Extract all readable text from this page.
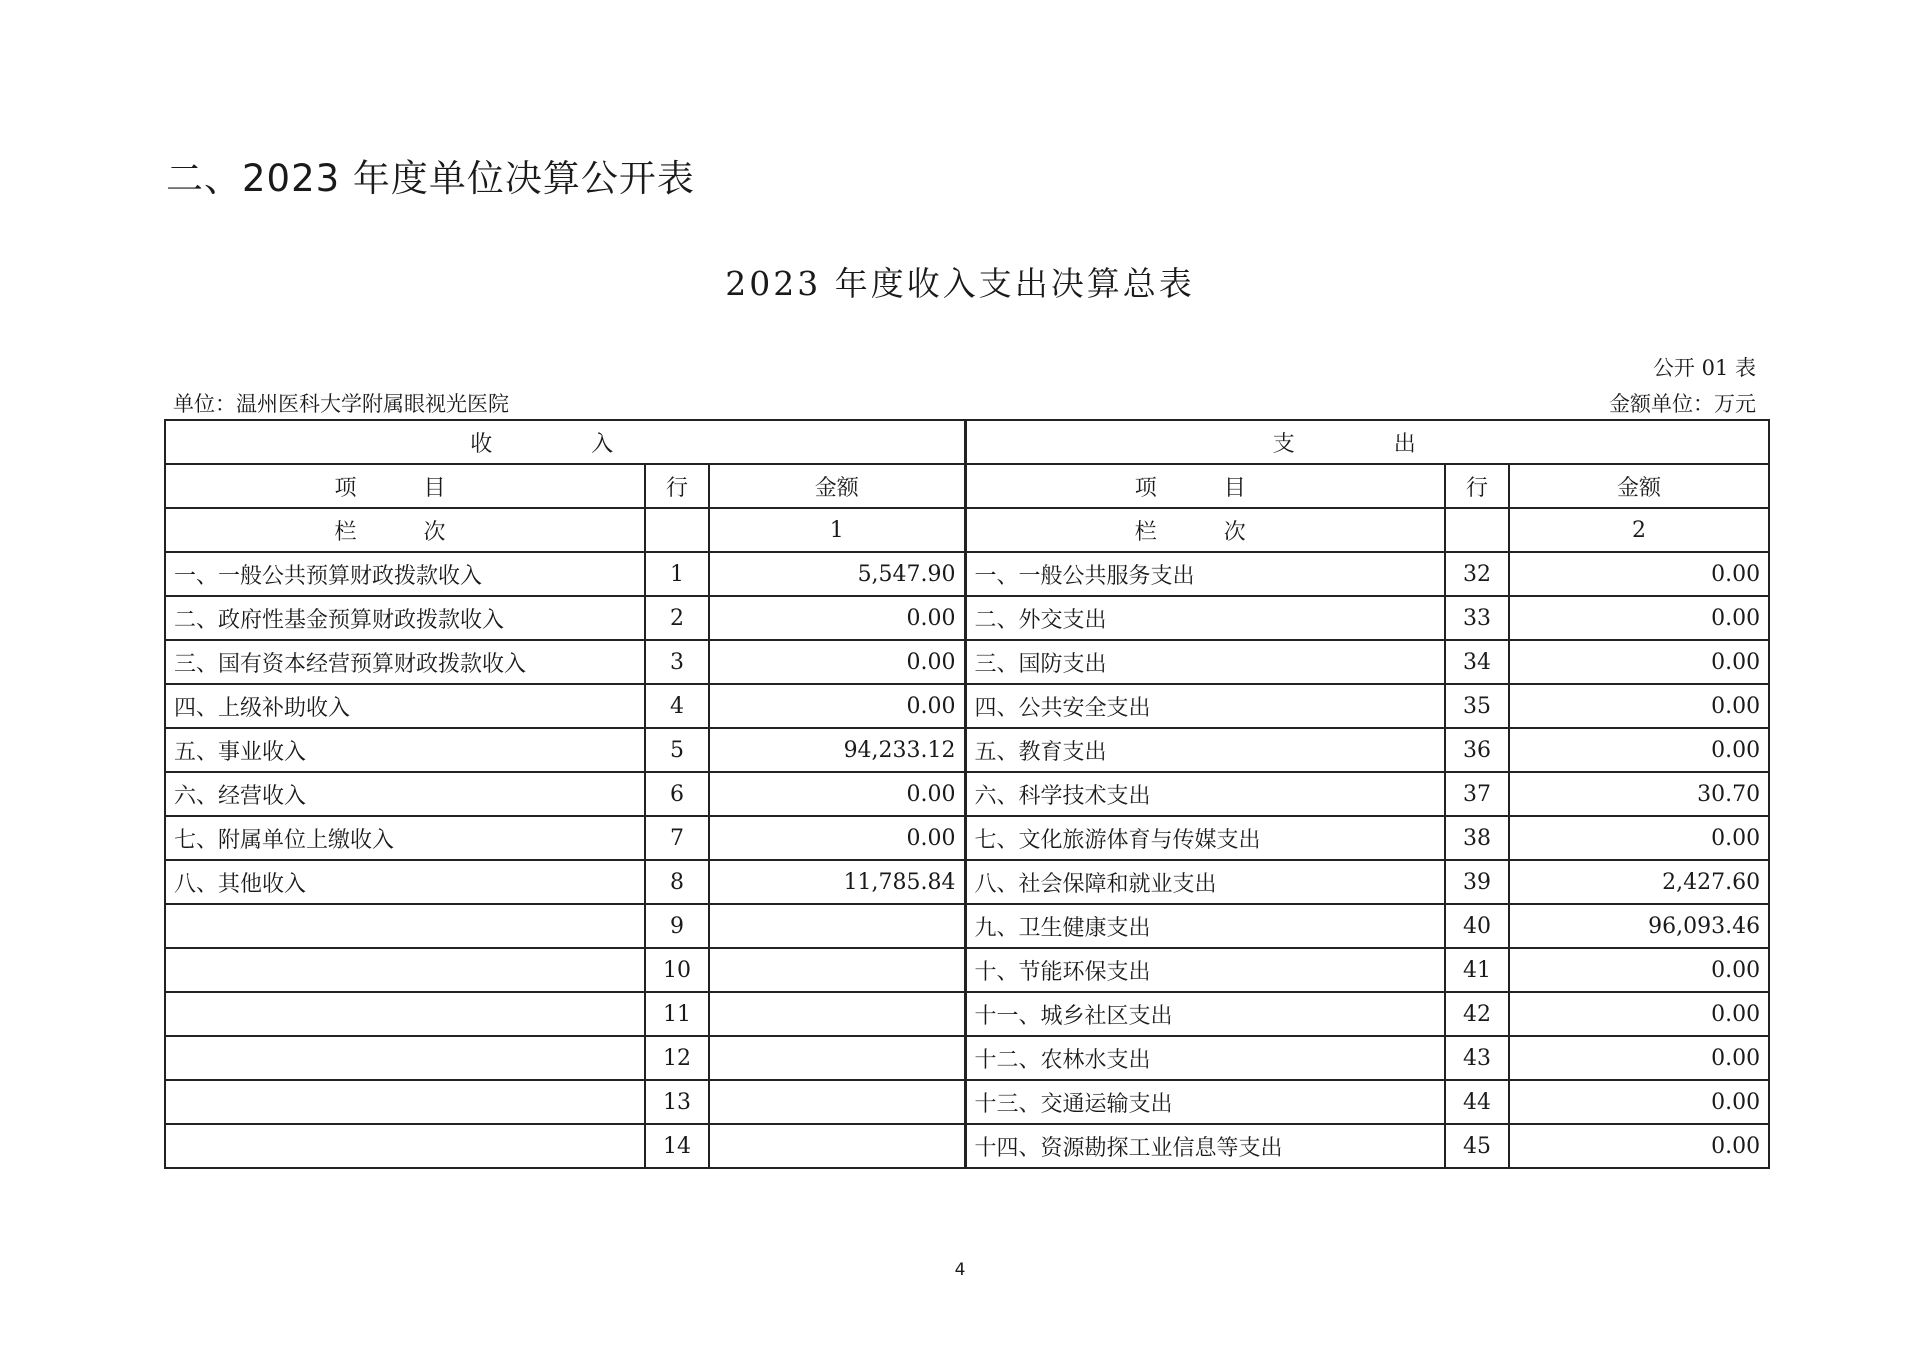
二、2023 年度单位决算公开表
2023 年度收入支出决算总表
公开 01 表
单位：温州医科大学附属眼视光医院	金额单位：万元
收 入			支 出		
项 目	行	金额	项 目	行	金额
栏 次		1	栏 次		2
一、一般公共预算财政拨款收入	1	5,547.90	一、一般公共服务支出	32	0.00
二、政府性基金预算财政拨款收入	2	0.00	二、外交支出	33	0.00
三、国有资本经营预算财政拨款收入	3	0.00	三、国防支出	34	0.00
四、上级补助收入	4	0.00	四、公共安全支出	35	0.00
五、事业收入	5	94,233.12	五、教育支出	36	0.00
六、经营收入	6	0.00	六、科学技术支出	37	30.70
七、附属单位上缴收入	7	0.00	七、文化旅游体育与传媒支出	38	0.00
八、其他收入	8	11,785.84	八、社会保障和就业支出	39	2,427.60
	9		九、卫生健康支出	40	96,093.46
	10		十、节能环保支出	41	0.00
	11		十一、城乡社区支出	42	0.00
	12		十二、农林水支出	43	0.00
	13		十三、交通运输支出	44	0.00
	14		十四、资源勘探工业信息等支出	45	0.00
4
